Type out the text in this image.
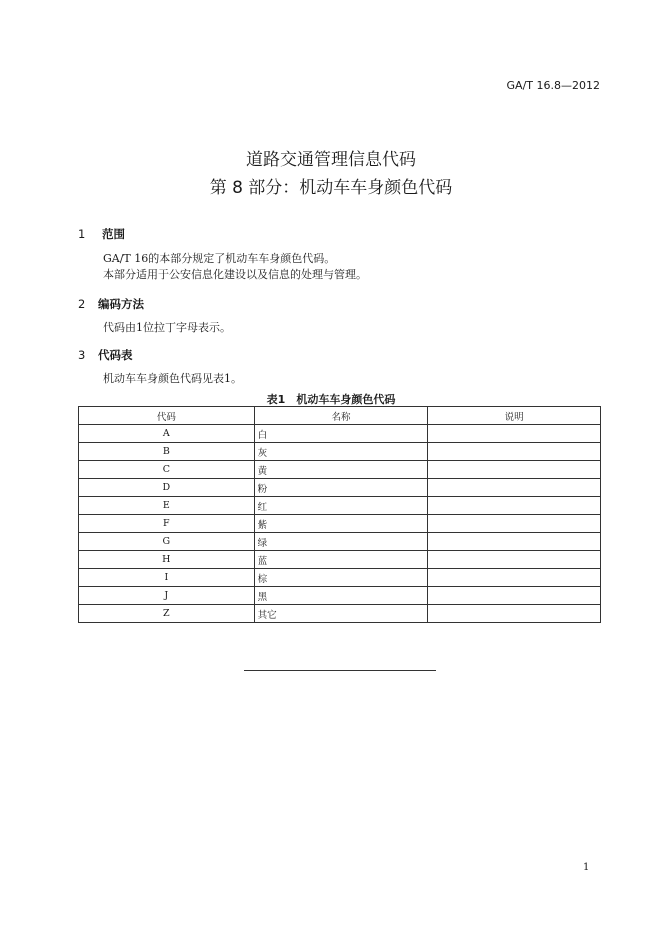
GA/T 16.8—2012
道路交通管理信息代码
第 8 部分：机动车车身颜色代码
1 范围
GA/T 16的本部分规定了机动车车身颜色代码。
本部分适用于公安信息化建设以及信息的处理与管理。
2 编码方法
代码由1位拉丁字母表示。
3 代码表
机动车车身颜色代码见表1。
表1　机动车车身颜色代码
代码	名称	说明
A	白	
B	灰	
C	黄	
D	粉	
E	红	
F	紫	
G	绿	
H	蓝	
I	棕	
J	黑	
Z	其它	
1
